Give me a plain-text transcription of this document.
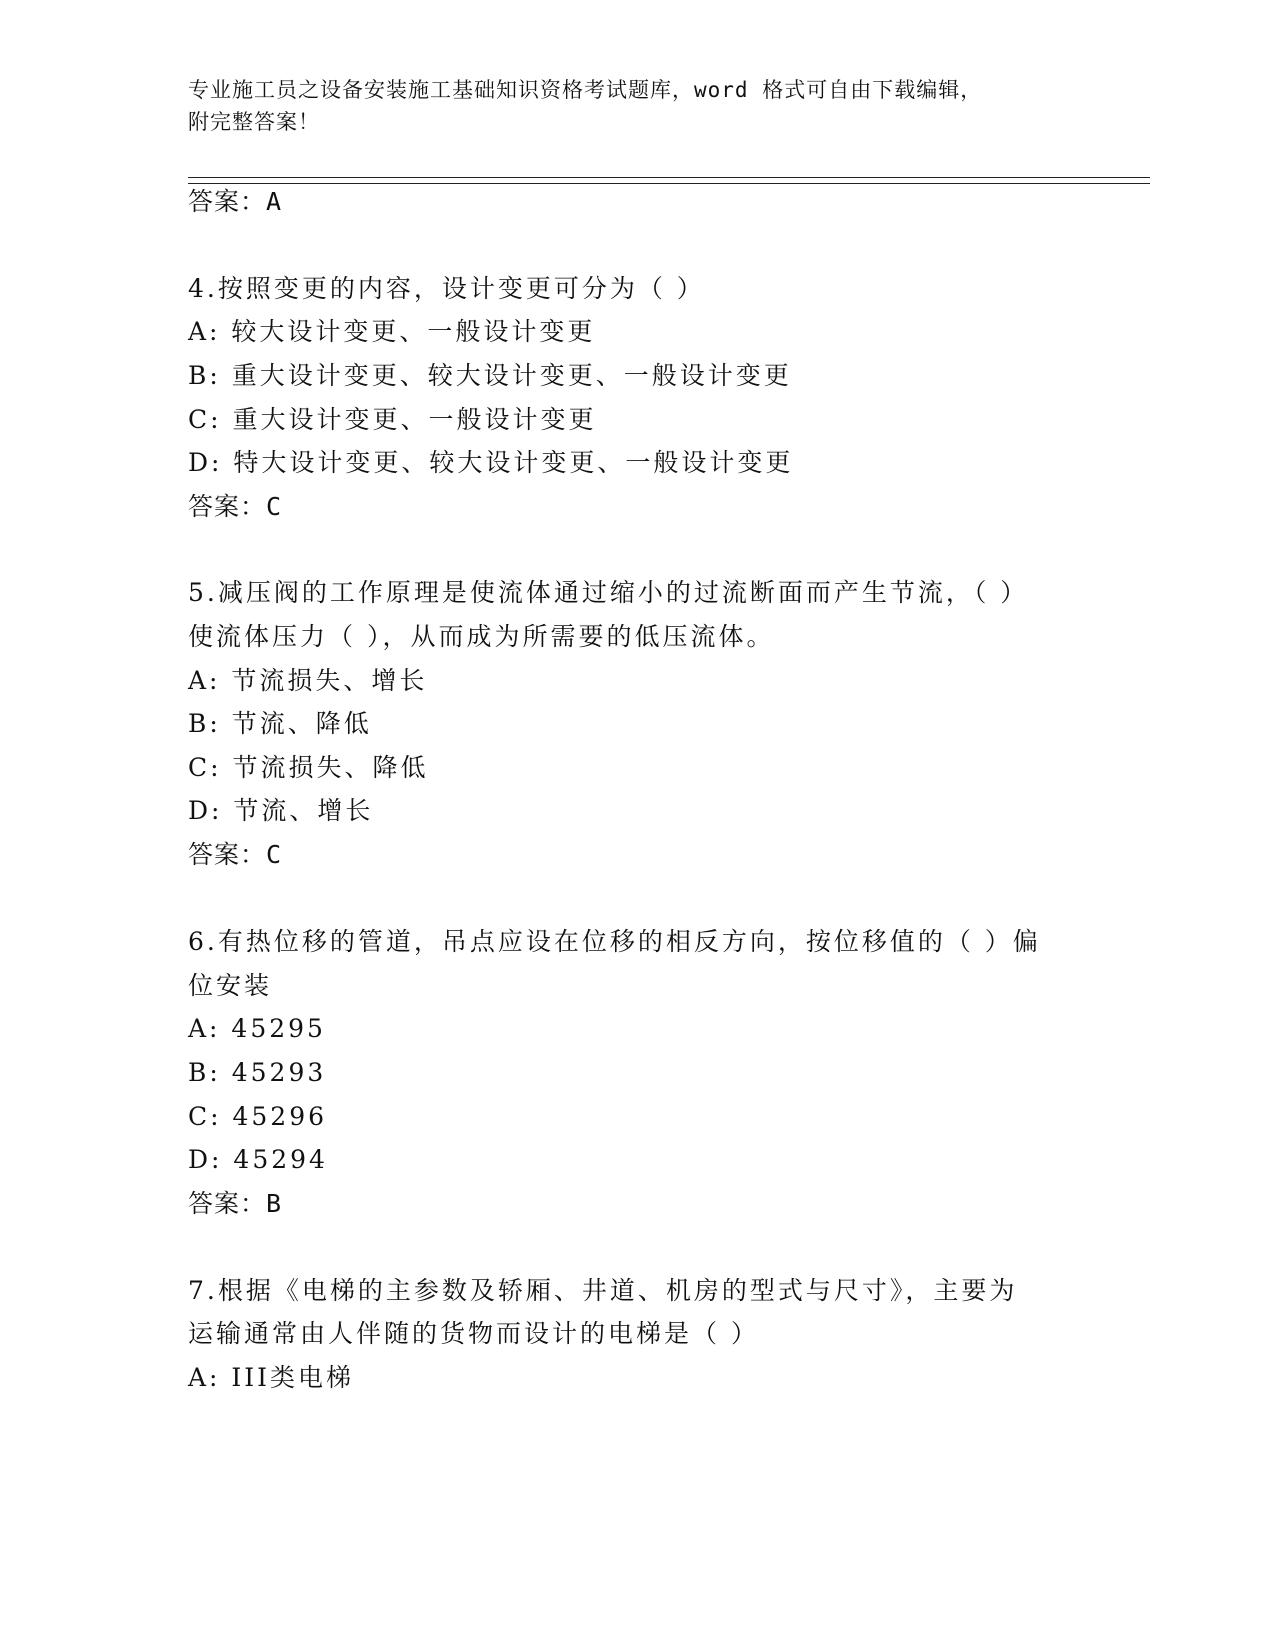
专业施工员之设备安装施工基础知识资格考试题库，word 格式可自由下载编辑，
附完整答案！
答案：A
4.按照变更的内容，设计变更可分为（ ）
A: 较大设计变更、一般设计变更
B: 重大设计变更、较大设计变更、一般设计变更
C: 重大设计变更、一般设计变更
D: 特大设计变更、较大设计变更、一般设计变更
答案：C
5.减压阀的工作原理是使流体通过缩小的过流断面而产生节流，（ ）
使流体压力（ ），从而成为所需要的低压流体。
A: 节流损失、增长
B: 节流、降低
C: 节流损失、降低
D: 节流、增长
答案：C
6.有热位移的管道，吊点应设在位移的相反方向，按位移值的（ ）偏
位安装
A: 45295
B: 45293
C: 45296
D: 45294
答案：B
7.根据《电梯的主参数及轿厢、井道、机房的型式与尺寸》，主要为
运输通常由人伴随的货物而设计的电梯是（ ）
A: III类电梯
